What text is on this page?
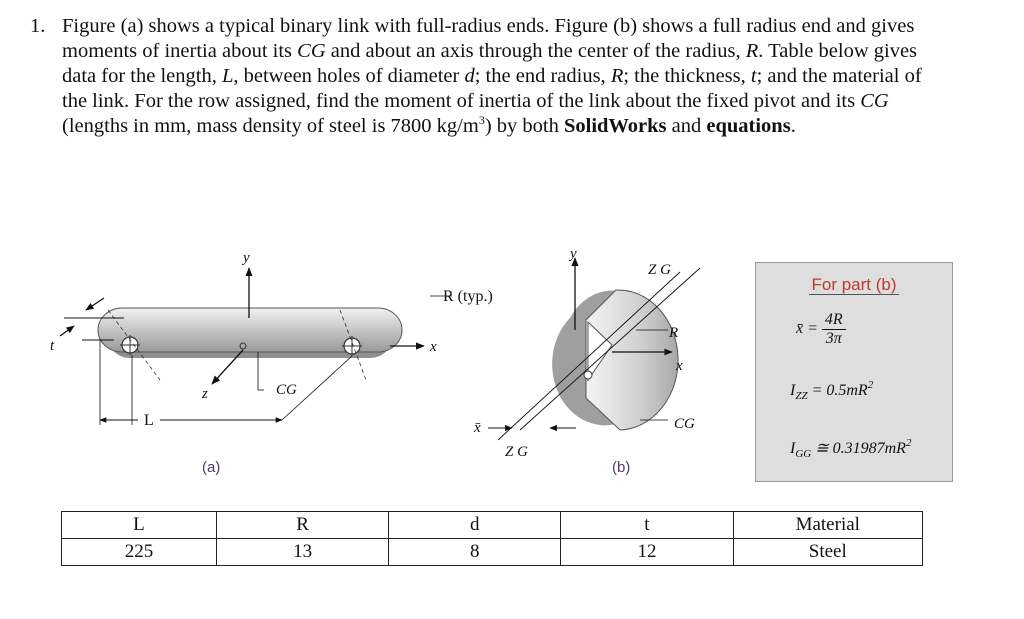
1. Figure (a) shows a typical binary link with full-radius ends. Figure (b) shows a full radius end and gives moments of inertia about its CG and about an axis through the center of the radius, R. Table below gives data for the length, L, between holes of diameter d; the end radius, R; the thickness, t; and the material of the link. For the row assigned, find the moment of inertia of the link about the fixed pivot and its CG (lengths in mm, mass density of steel is 7800 $kg/m^3$) by both SolidWorks and equations.
y
x
z
t
CG
L
(a)
R (typ.)
y
Z G
R
x
CG
x̄
Z G
(b)
For part (b)
x̄ = $\frac{4R}{3\pi}$
$I_{ZZ} = 0.5mR^2$
$I_{GG}$ ≅ $0.31987mR^2$
L	R	d	t	Material
225	13	8	12	Steel
